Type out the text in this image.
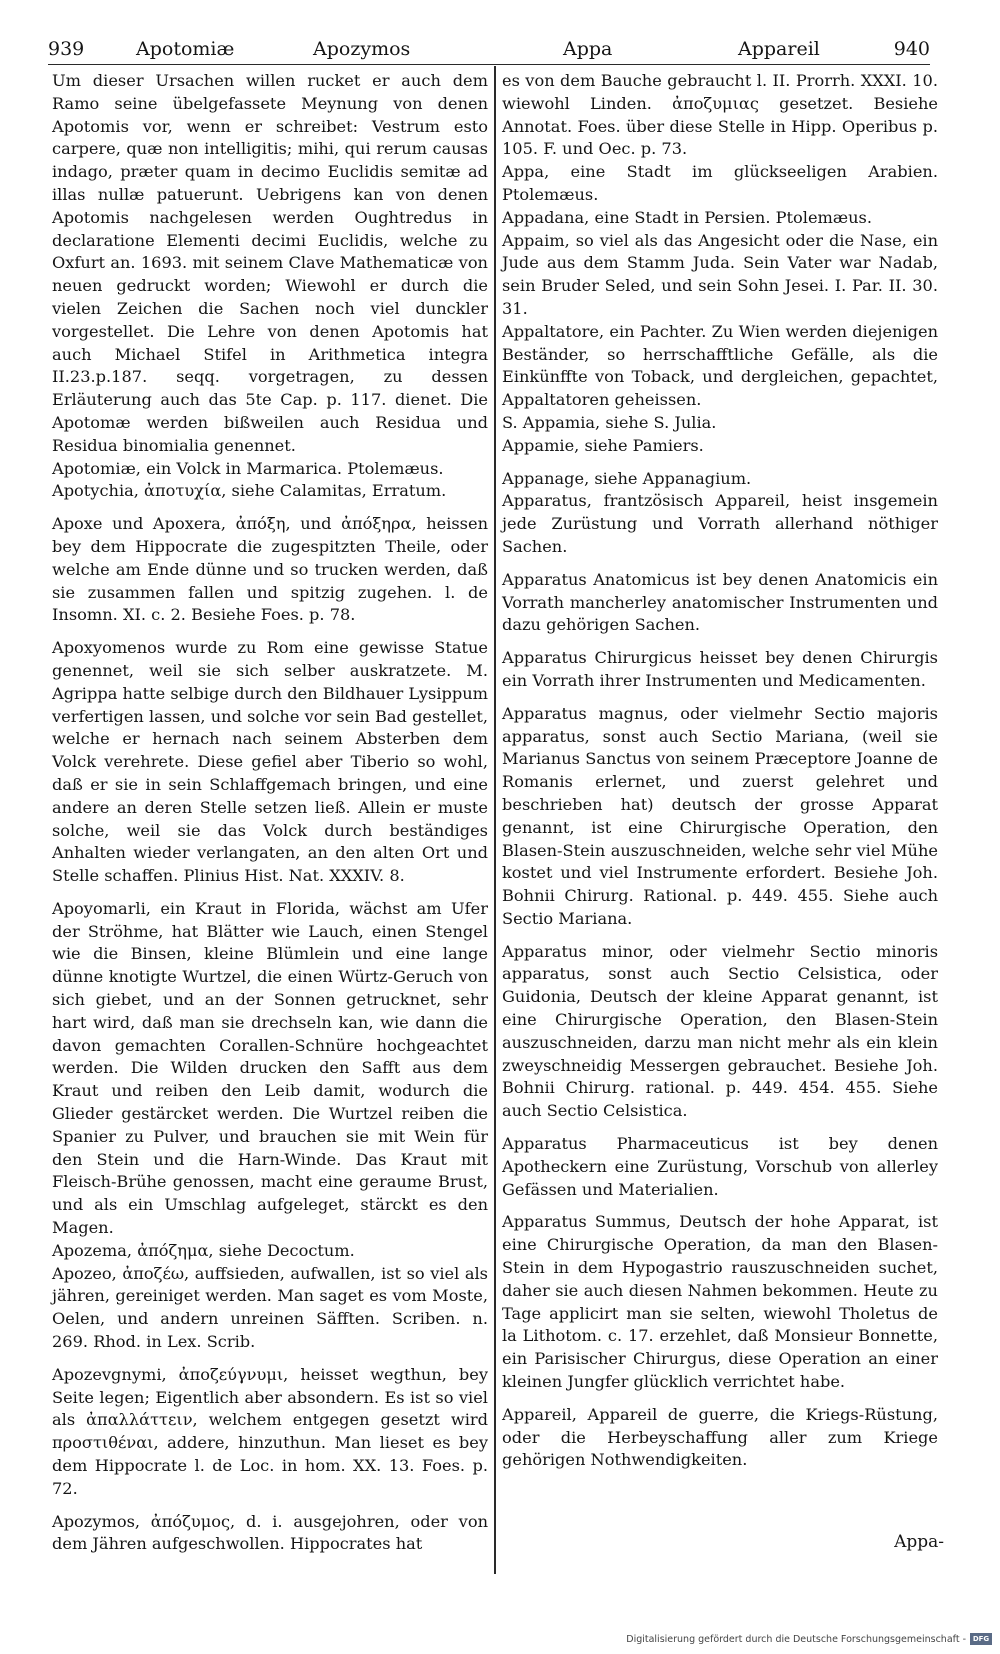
939	Apotomiæ	Apozymos	Appa	Appareil	940

Um dieser Ursachen willen rucket er auch dem Ramo seine übelgefassete Meynung von denen Apotomis vor, wenn er schreibet: Vestrum esto carpere, quæ non intelligitis; mihi, qui rerum causas indago, præter quam in decimo Euclidis semitæ ad illas nullæ patuerunt. Uebrigens kan von denen Apotomis nachgelesen werden Oughtredus in declaratione Elementi decimi Euclidis, welche zu Oxfurt an. 1693. mit seinem Clave Mathematicæ von neuen gedruckt worden; Wiewohl er durch die vielen Zeichen die Sachen noch viel dunckler vorgestellet. Die Lehre von denen Apotomis hat auch Michael Stifel in Arithmetica integra II.23.p.187. seqq. vorgetragen, zu dessen Erläuterung auch das 5te Cap. p. 117. dienet. Die Apotomæ werden bißweilen auch Residua und Residua binomialia genennet.

Apotomiæ, ein Volck in Marmarica. Ptolemæus.

Apotychia, ἀποτυχία, siehe Calamitas, Erratum.

Apoxe und Apoxera, ἀπόξη, und ἀπόξηρα, heissen bey dem Hippocrate die zugespitzten Theile, oder welche am Ende dünne und so trucken werden, daß sie zusammen fallen und spitzig zugehen. l. de Insomn. XI. c. 2. Besiehe Foes. p. 78.

Apoxyomenos wurde zu Rom eine gewisse Statue genennet, weil sie sich selber auskratzete. M. Agrippa hatte selbige durch den Bildhauer Lysippum verfertigen lassen, und solche vor sein Bad gestellet, welche er hernach nach seinem Absterben dem Volck verehrete. Diese gefiel aber Tiberio so wohl, daß er sie in sein Schlaffgemach bringen, und eine andere an deren Stelle setzen ließ. Allein er muste solche, weil sie das Volck durch beständiges Anhalten wieder verlangaten, an den alten Ort und Stelle schaffen. Plinius Hist. Nat. XXXIV. 8.

Apoyomarli, ein Kraut in Florida, wächst am Ufer der Ströhme, hat Blätter wie Lauch, einen Stengel wie die Binsen, kleine Blümlein und eine lange dünne knotigte Wurtzel, die einen Würtz-Geruch von sich giebet, und an der Sonnen getrucknet, sehr hart wird, daß man sie drechseln kan, wie dann die davon gemachten Corallen-Schnüre hochgeachtet werden. Die Wilden drucken den Safft aus dem Kraut und reiben den Leib damit, wodurch die Glieder gestärcket werden. Die Wurtzel reiben die Spanier zu Pulver, und brauchen sie mit Wein für den Stein und die Harn-Winde. Das Kraut mit Fleisch-Brühe genossen, macht eine geraume Brust, und als ein Umschlag aufgeleget, stärckt es den Magen.

Apozema, ἀπόζημα, siehe Decoctum.

Apozeo, ἀποζέω, auffsieden, aufwallen, ist so viel als jähren, gereiniget werden. Man saget es vom Moste, Oelen, und andern unreinen Säfften. Scriben. n. 269. Rhod. in Lex. Scrib.

Apozevgnymi, ἀποζεύγνυμι, heisset wegthun, bey Seite legen; Eigentlich aber absondern. Es ist so viel als ἀπαλλάττειν, welchem entgegen gesetzt wird προστιθέναι, addere, hinzuthun. Man lieset es bey dem Hippocrate l. de Loc. in hom. XX. 13. Foes. p. 72.

Apozymos, ἀπόζυμος, d. i. ausgejohren, oder von dem Jähren aufgeschwollen. Hippocrates hat

es von dem Bauche gebraucht l. II. Prorrh. XXXI. 10. wiewohl Linden. ἀποζυμιας gesetzet. Besiehe Annotat. Foes. über diese Stelle in Hipp. Operibus p. 105. F. und Oec. p. 73.

Appa, eine Stadt im glückseeligen Arabien. Ptolemæus.

Appadana, eine Stadt in Persien. Ptolemæus.

Appaim, so viel als das Angesicht oder die Nase, ein Jude aus dem Stamm Juda. Sein Vater war Nadab, sein Bruder Seled, und sein Sohn Jesei. I. Par. II. 30. 31.

Appaltatore, ein Pachter. Zu Wien werden diejenigen Beständer, so herrschafftliche Gefälle, als die Einkünffte von Toback, und dergleichen, gepachtet, Appaltatoren geheissen.

S. Appamia, siehe S. Julia.

Appamie, siehe Pamiers.

Appanage, siehe Appanagium.

Apparatus, frantzösisch Appareil, heist insgemein jede Zurüstung und Vorrath allerhand nöthiger Sachen.

Apparatus Anatomicus ist bey denen Anatomicis ein Vorrath mancherley anatomischer Instrumenten und dazu gehörigen Sachen.

Apparatus Chirurgicus heisset bey denen Chirurgis ein Vorrath ihrer Instrumenten und Medicamenten.

Apparatus magnus, oder vielmehr Sectio majoris apparatus, sonst auch Sectio Mariana, (weil sie Marianus Sanctus von seinem Præceptore Joanne de Romanis erlernet, und zuerst gelehret und beschrieben hat) deutsch der grosse Apparat genannt, ist eine Chirurgische Operation, den Blasen-Stein auszuschneiden, welche sehr viel Mühe kostet und viel Instrumente erfordert. Besiehe Joh. Bohnii Chirurg. Rational. p. 449. 455. Siehe auch Sectio Mariana.

Apparatus minor, oder vielmehr Sectio minoris apparatus, sonst auch Sectio Celsistica, oder Guidonia, Deutsch der kleine Apparat genannt, ist eine Chirurgische Operation, den Blasen-Stein auszuschneiden, darzu man nicht mehr als ein klein zweyschneidig Messergen gebrauchet. Besiehe Joh. Bohnii Chirurg. rational. p. 449. 454. 455. Siehe auch Sectio Celsistica.

Apparatus Pharmaceuticus ist bey denen Apotheckern eine Zurüstung, Vorschub von allerley Gefässen und Materialien.

Apparatus Summus, Deutsch der hohe Apparat, ist eine Chirurgische Operation, da man den Blasen-Stein in dem Hypogastrio rauszuschneiden suchet, daher sie auch diesen Nahmen bekommen. Heute zu Tage applicirt man sie selten, wiewohl Tholetus de la Lithotom. c. 17. erzehlet, daß Monsieur Bonnette, ein Parisischer Chirurgus, diese Operation an einer kleinen Jungfer glücklich verrichtet habe.

Appareil, Appareil de guerre, die Kriegs-Rüstung, oder die Herbeyschaffung aller zum Kriege gehörigen Nothwendigkeiten.

Appa-
Digitalisierung gefördert durch die Deutsche Forschungsgemeinschaft - DFG
